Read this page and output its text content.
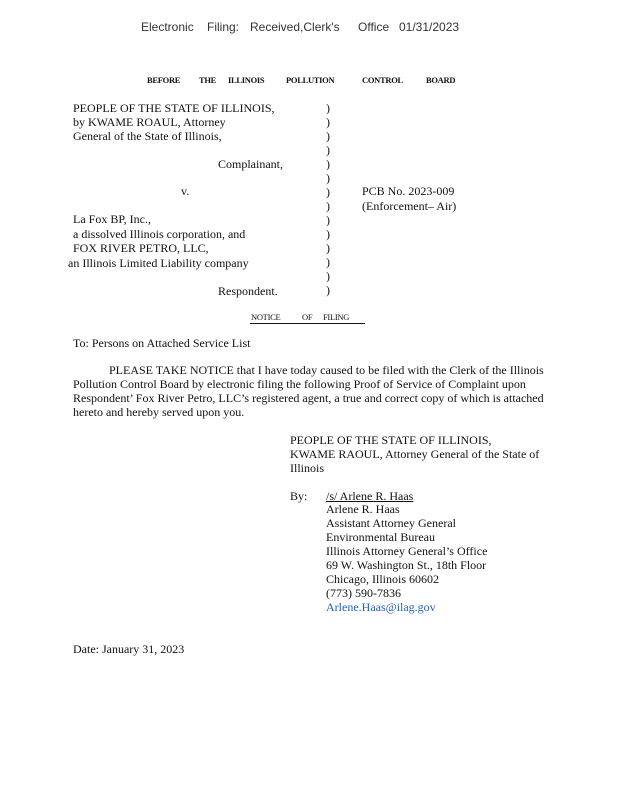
Electronic Filing: Received,Clerk's Office 01/31/2023
BEFORE THE ILLINOIS	POLLUTION	CONTROL	BOARD
PEOPLE OF THE STATE OF ILLINOIS,
by KWAME ROAUL, Attorney
General of the State of Illinois,
Complainant,
v.
La Fox BP, Inc.,
a dissolved Illinois corporation, and
FOX RIVER PETRO, LLC,
an Illinois Limited Liability company
Respondent.
)
)
)
)
)
)
)
)
)
)
)
)
)
)
PCB No. 2023-009
(Enforcement– Air)
NOTICE	OF FILING
To: Persons on Attached Service List
PLEASE TAKE NOTICE that I have today caused to be filed with the Clerk of the Illinois
Pollution Control Board by electronic filing the following Proof of Service of Complaint upon
Respondent’ Fox River Petro, LLC’s registered agent, a true and correct copy of which is attached
hereto and hereby served upon you.
PEOPLE OF THE STATE OF ILLINOIS,
KWAME RAOUL, Attorney General of the State of
Illinois
By: /s/ Arlene R. Haas
Arlene R. Haas
Assistant Attorney General
Environmental Bureau
Illinois Attorney General’s Office
69 W. Washington St., 18th Floor
Chicago, Illinois 60602
(773) 590-7836
Arlene.Haas@ilag.gov
Date: January 31, 2023
